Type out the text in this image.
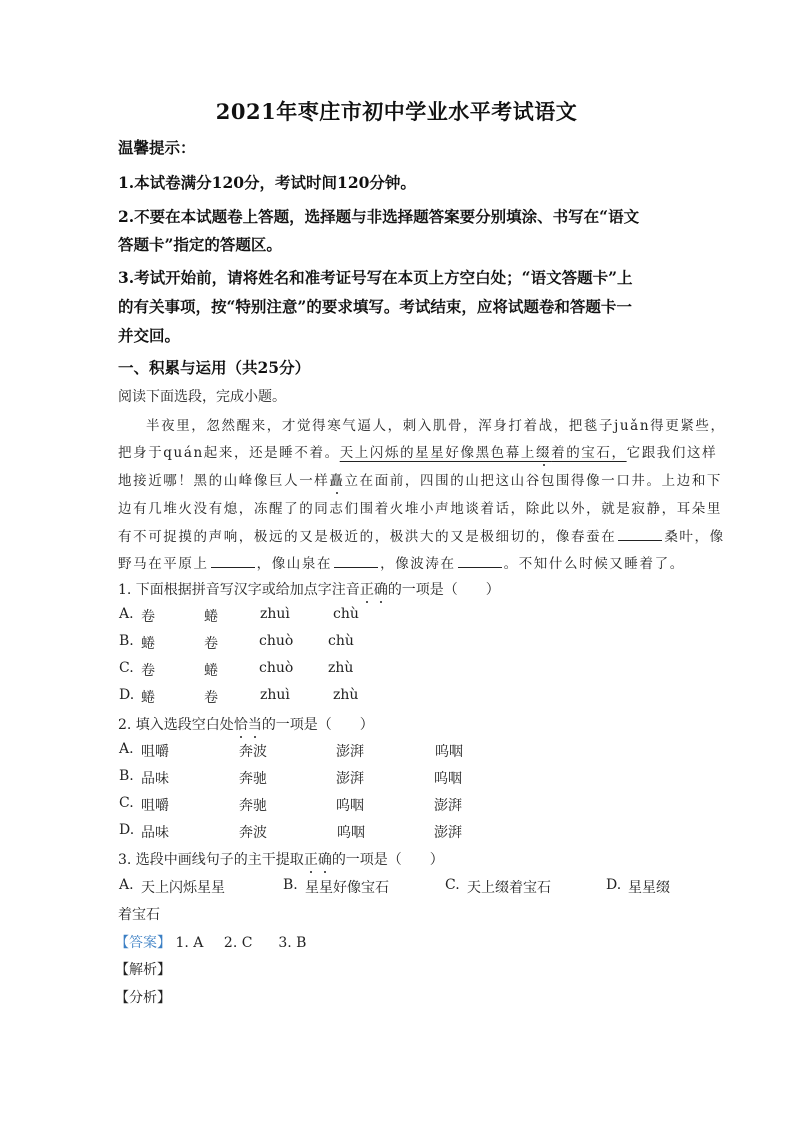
2021年枣庄市初中学业水平考试语文
温馨提示：
1.本试卷满分120分，考试时间120分钟。
2.不要在本试题卷上答题，选择题与非选择题答案要分别填涂、书写在“语文
答题卡”指定的答题区。
3.考试开始前，请将姓名和准考证号写在本页上方空白处；“语文答题卡”上
的有关事项，按“特别注意”的要求填写。考试结束，应将试题卷和答题卡一
并交回。
一、积累与运用（共25分）
阅读下面选段，完成小题。
半夜里，忽然醒来，才觉得寒气逼人，刺入肌骨，浑身打着战，把毯子juǎn得更紧些，
把身于quán起来，还是睡不着。天上闪烁的星星好像黑色幕上缀着的宝石，它跟我们这样
地接近哪！黑的山峰像巨人一样矗立在面前，四围的山把这山谷包围得像一口井。上边和下
边有几堆火没有熄，冻醒了的同志们围着火堆小声地谈着话，除此以外，就是寂静，耳朵里
有不可捉摸的声响，极远的又是极近的，极洪大的又是极细切的，像春蚕在	桑叶，像
野马在平原上	，像山泉在	，像波涛在	。不知什么时候又睡着了。
1. 下面根据拼音写汉字或给加点字注音正确的一项是（　　）
A. 卷	蜷	zhuì	chù
B. 蜷	卷	chuò chù
C. 卷	蜷	chuò zhù
D. 蜷	卷	zhuì	zhù
2. 填入选段空白处恰当的一项是（　　）
A. 咀嚼	奔波	澎湃	呜咽
B. 品味	奔驰	澎湃	呜咽
C. 咀嚼	奔驰	呜咽	澎湃
D. 品味	奔波	呜咽	澎湃
3. 选段中画线句子的主干提取正确的一项是（　　）
A. 天上闪烁星星	B. 星星好像宝石	C. 天上缀着宝石	D. 星星缀
着宝石
【答案】 1. A 2. C 3. B
【解析】
【分析】
